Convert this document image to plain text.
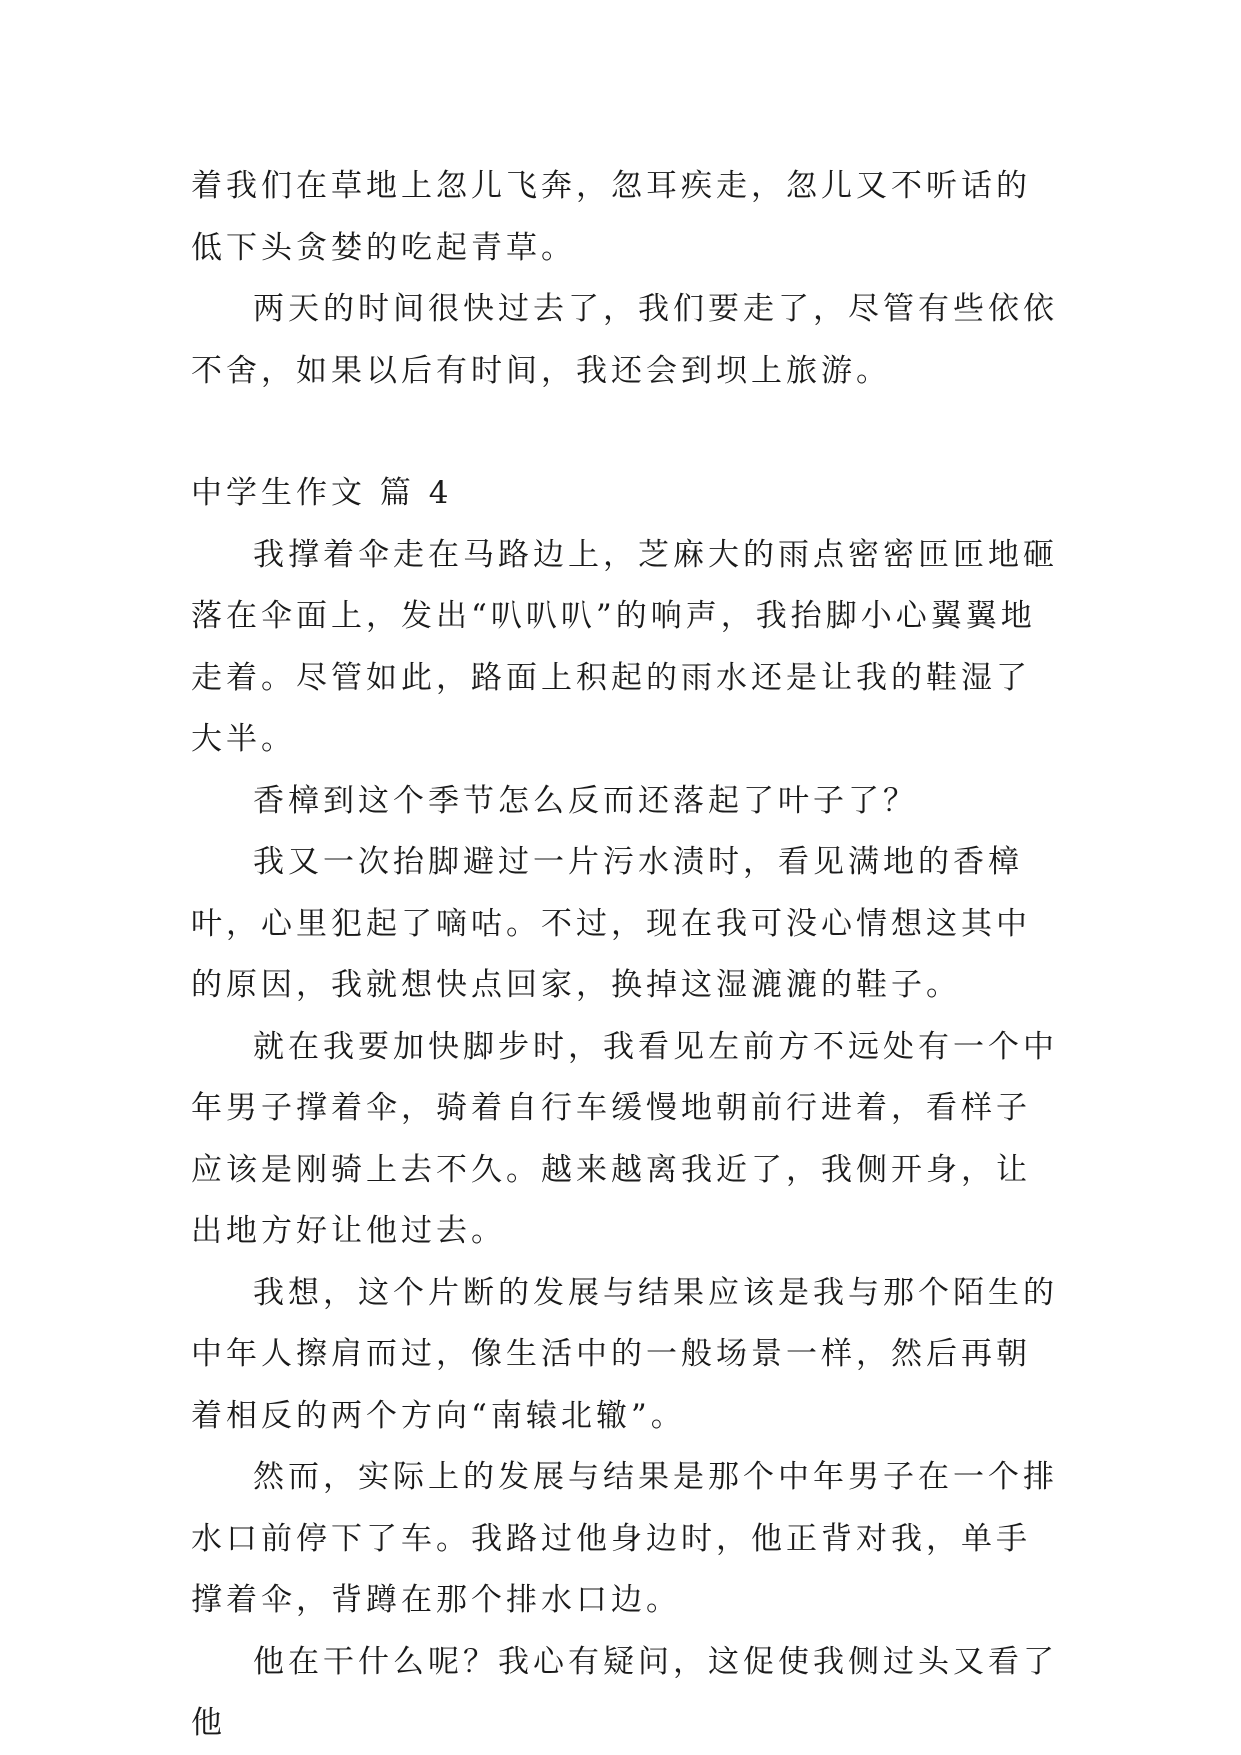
着我们在草地上忽儿飞奔，忽耳疾走，忽儿又不听话的低下头贪婪的吃起青草。

两天的时间很快过去了，我们要走了，尽管有些依依不舍，如果以后有时间，我还会到坝上旅游。

中学生作文 篇 4

我撑着伞走在马路边上，芝麻大的雨点密密匝匝地砸落在伞面上，发出“叭叭叭”的响声，我抬脚小心翼翼地走着。尽管如此，路面上积起的雨水还是让我的鞋湿了大半。

香樟到这个季节怎么反而还落起了叶子了？

我又一次抬脚避过一片污水渍时，看见满地的香樟叶，心里犯起了嘀咕。不过，现在我可没心情想这其中的原因，我就想快点回家，换掉这湿漉漉的鞋子。

就在我要加快脚步时，我看见左前方不远处有一个中年男子撑着伞，骑着自行车缓慢地朝前行进着，看样子应该是刚骑上去不久。越来越离我近了，我侧开身，让出地方好让他过去。

我想，这个片断的发展与结果应该是我与那个陌生的中年人擦肩而过，像生活中的一般场景一样，然后再朝着相反的两个方向“南辕北辙”。

然而，实际上的发展与结果是那个中年男子在一个排水口前停下了车。我路过他身边时，他正背对我，单手撑着伞，背蹲在那个排水口边。

他在干什么呢？我心有疑问，这促使我侧过头又看了他
